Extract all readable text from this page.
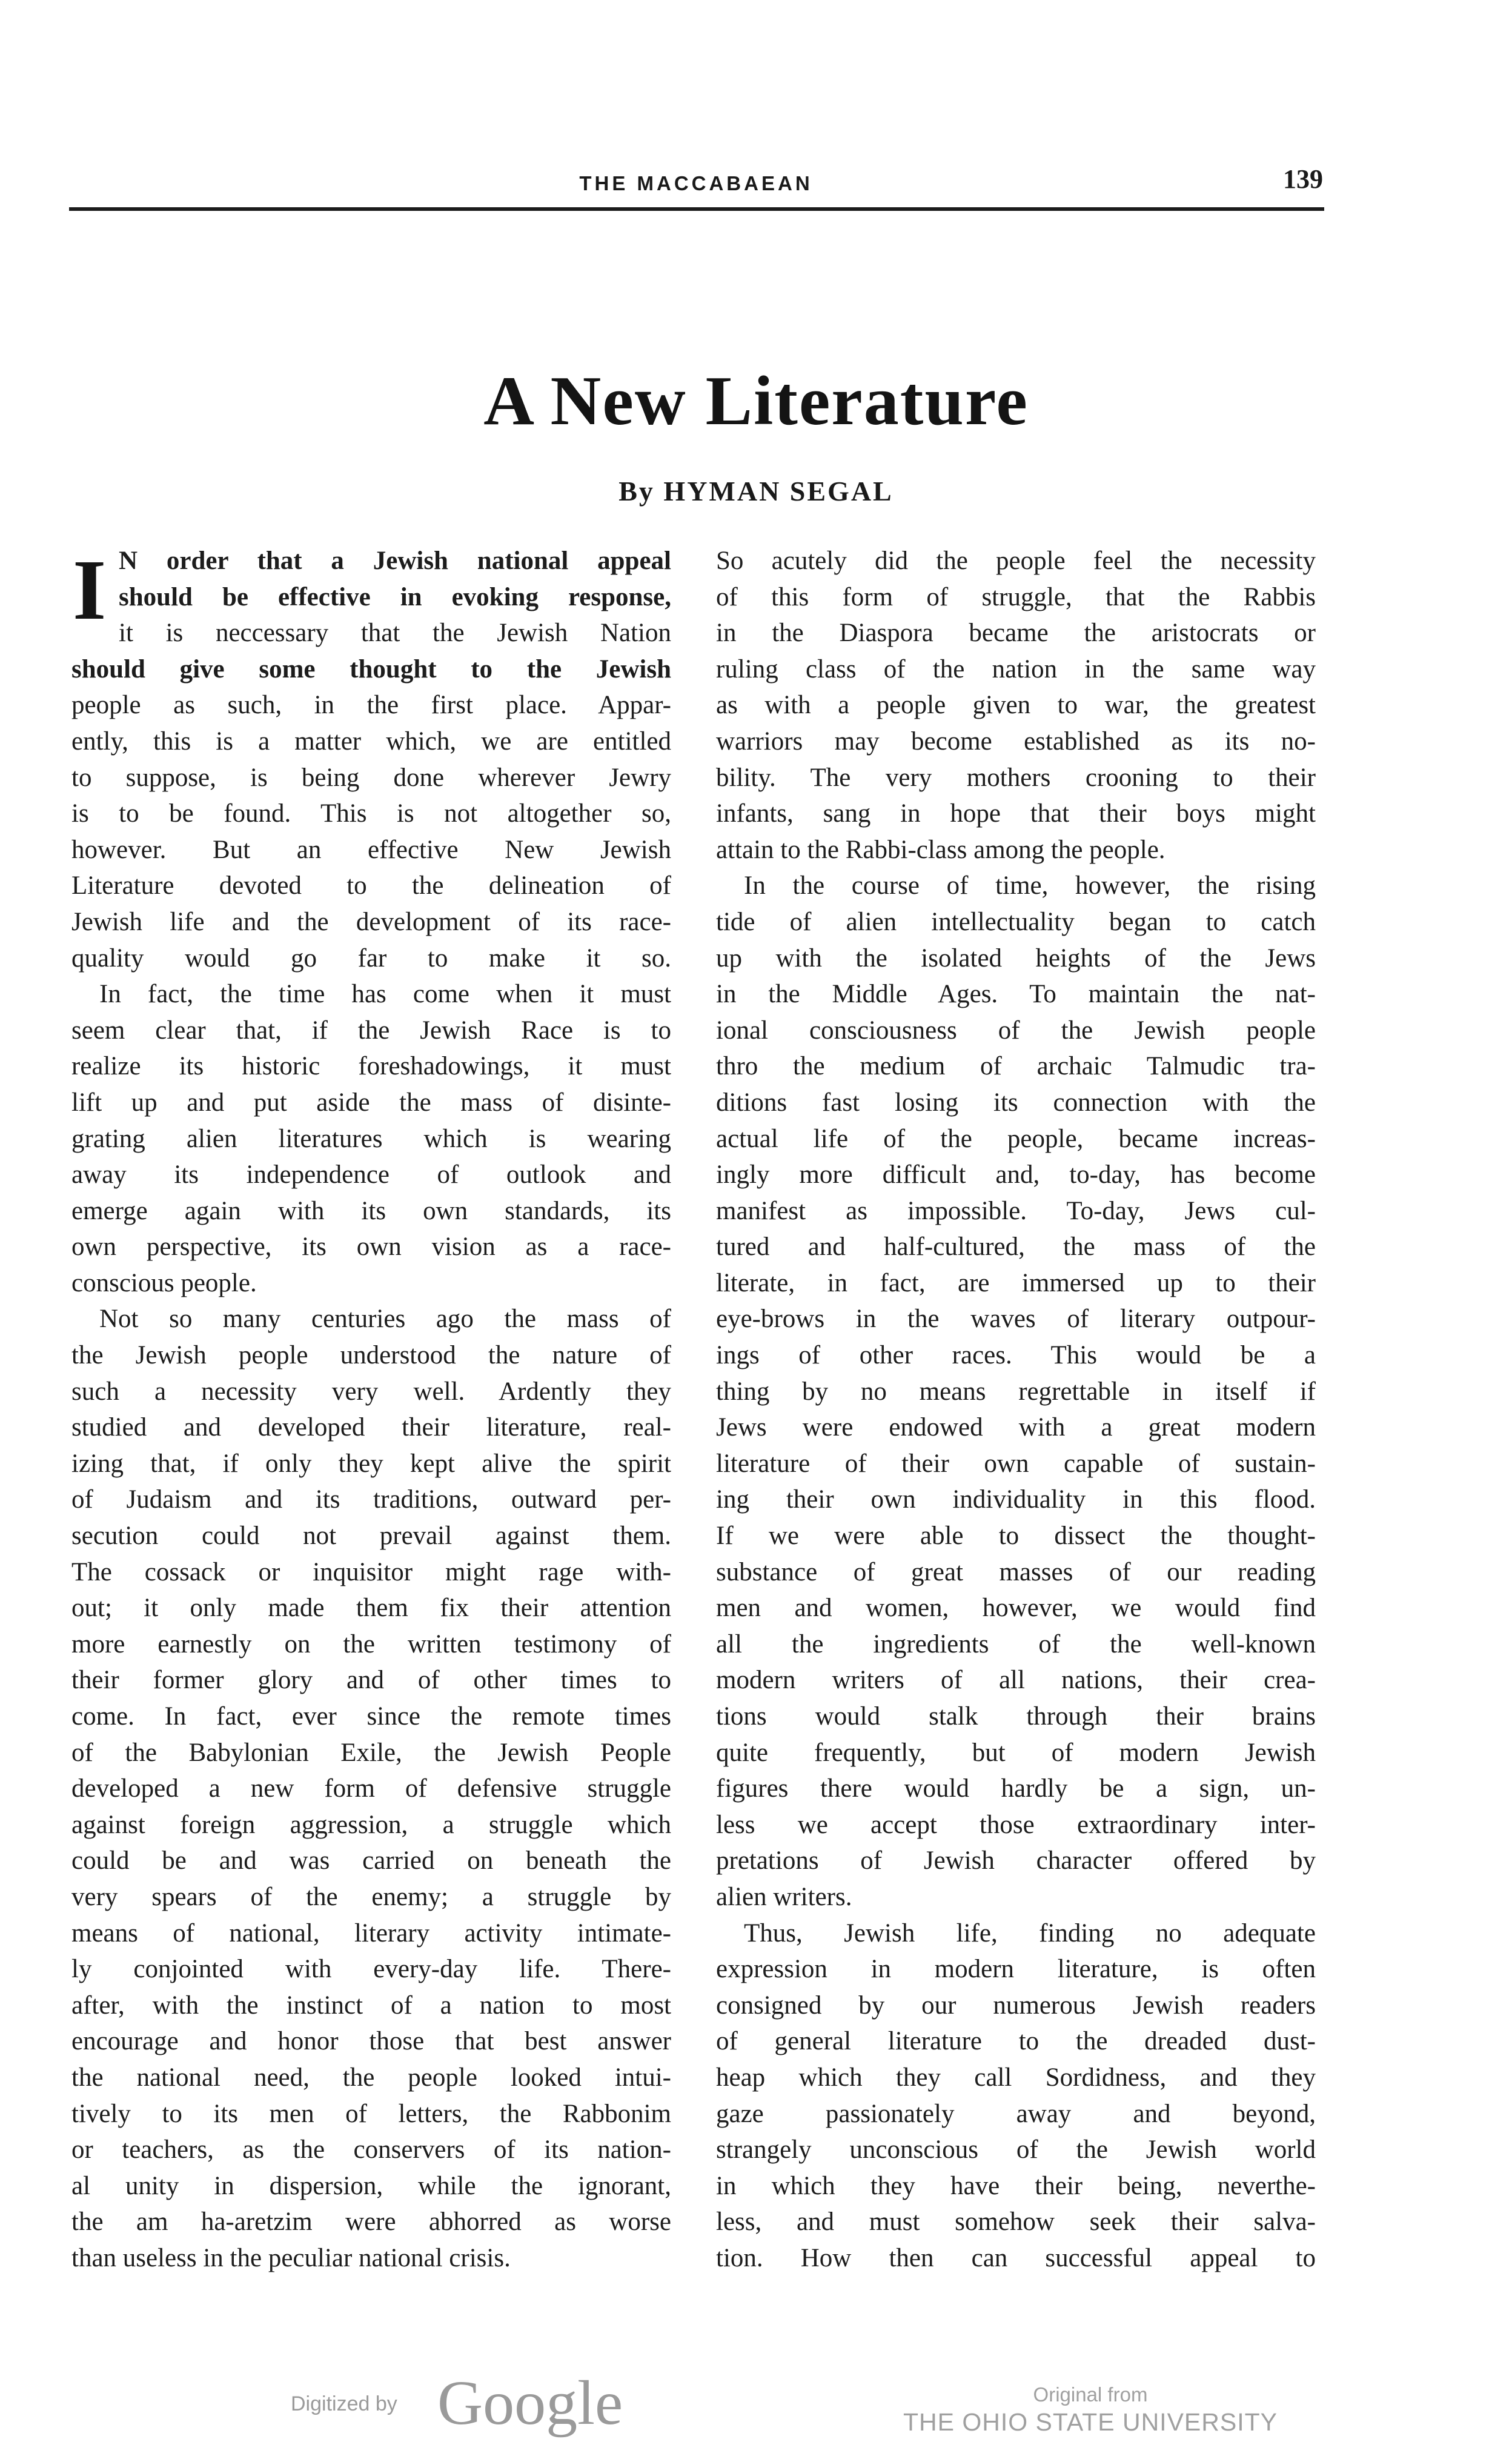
THE MACCABAEAN	139
A New Literature
By HYMAN SEGAL
I N order that a Jewish national appeal
should be effective in evoking response,
it is neccessary that the Jewish Nation
should give some thought to the Jewish
people as such, in the first place. Appar-
ently, this is a matter which, we are entitled
to suppose, is being done wherever Jewry
is to be found. This is not altogether so,
however. But an effective New Jewish
Literature devoted to the delineation of
Jewish life and the development of its race-
quality would go far to make it so.
In fact, the time has come when it must
seem clear that, if the Jewish Race is to
realize its historic foreshadowings, it must
lift up and put aside the mass of disinte-
grating alien literatures which is wearing
away its independence of outlook and
emerge again with its own standards, its
own perspective, its own vision as a race-
conscious people.
Not so many centuries ago the mass of
the Jewish people understood the nature of
such a necessity very well. Ardently they
studied and developed their literature, real-
izing that, if only they kept alive the spirit
of Judaism and its traditions, outward per-
secution could not prevail against them.
The cossack or inquisitor might rage with-
out; it only made them fix their attention
more earnestly on the written testimony of
their former glory and of other times to
come. In fact, ever since the remote times
of the Babylonian Exile, the Jewish People
developed a new form of defensive struggle
against foreign aggression, a struggle which
could be and was carried on beneath the
very spears of the enemy; a struggle by
means of national, literary activity intimate-
ly conjointed with every-day life. There-
after, with the instinct of a nation to most
encourage and honor those that best answer
the national need, the people looked intui-
tively to its men of letters, the Rabbonim
or teachers, as the conservers of its nation-
al unity in dispersion, while the ignorant,
the am ha-aretzim were abhorred as worse
than useless in the peculiar national crisis.
So acutely did the people feel the necessity
of this form of struggle, that the Rabbis
in the Diaspora became the aristocrats or
ruling class of the nation in the same way
as with a people given to war, the greatest
warriors may become established as its no-
bility. The very mothers crooning to their
infants, sang in hope that their boys might
attain to the Rabbi-class among the people.
In the course of time, however, the rising
tide of alien intellectuality began to catch
up with the isolated heights of the Jews
in the Middle Ages. To maintain the nat-
ional consciousness of the Jewish people
thro the medium of archaic Talmudic tra-
ditions fast losing its connection with the
actual life of the people, became increas-
ingly more difficult and, to-day, has become
manifest as impossible. To-day, Jews cul-
tured and half-cultured, the mass of the
literate, in fact, are immersed up to their
eye-brows in the waves of literary outpour-
ings of other races. This would be a
thing by no means regrettable in itself if
Jews were endowed with a great modern
literature of their own capable of sustain-
ing their own individuality in this flood.
If we were able to dissect the thought-
substance of great masses of our reading
men and women, however, we would find
all the ingredients of the well-known
modern writers of all nations, their crea-
tions would stalk through their brains
quite frequently, but of modern Jewish
figures there would hardly be a sign, un-
less we accept those extraordinary inter-
pretations of Jewish character offered by
alien writers.
Thus, Jewish life, finding no adequate
expression in modern literature, is often
consigned by our numerous Jewish readers
of general literature to the dreaded dust-
heap which they call Sordidness, and they
gaze passionately away and beyond,
strangely unconscious of the Jewish world
in which they have their being, neverthe-
less, and must somehow seek their salva-
tion. How then can successful appeal to
Digitized by Google	Original from
THE OHIO STATE UNIVERSITY
